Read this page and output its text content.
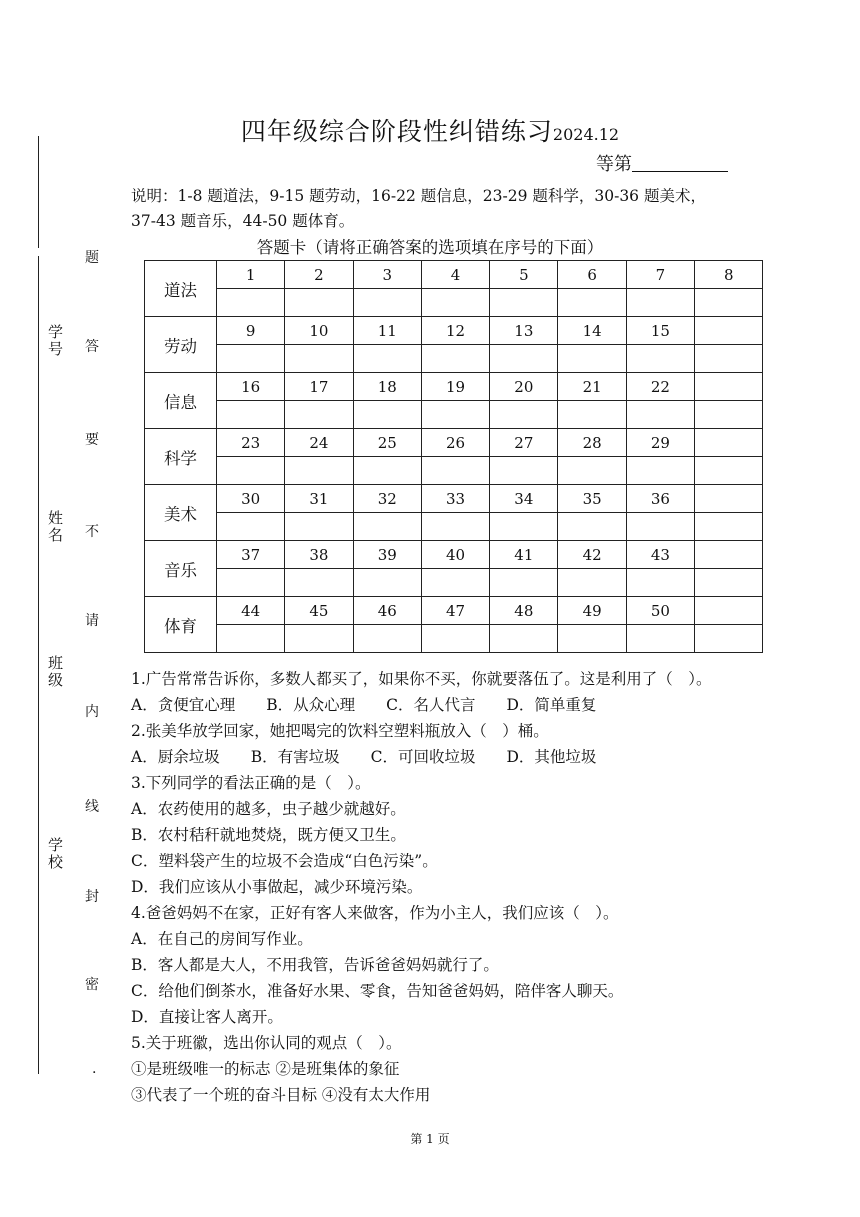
学号
姓名
班级
学校
题
答
要
不
请
内
线
封
密
.
四年级综合阶段性纠错练习2024.12
等第
说明：1-8 题道法，9-15 题劳动，16-22 题信息，23-29 题科学，30-36 题美术，
37-43 题音乐，44-50 题体育。
答题卡（请将正确答案的选项填在序号的下面）
道法	1	2	3	4	5	6	7	8

劳动	9	10	11	12	13	14	15	

信息	16	17	18	19	20	21	22	

科学	23	24	25	26	27	28	29	

美术	30	31	32	33	34	35	36	

音乐	37	38	39	40	41	42	43	

体育	44	45	46	47	48	49	50	

1.广告常常告诉你，多数人都买了，如果你不买，你就要落伍了。这是利用了（　）。
A．贪便宜心理　　B．从众心理　　C．名人代言　　D．简单重复
2.张美华放学回家，她把喝完的饮料空塑料瓶放入（　）桶。
A．厨余垃圾　　B．有害垃圾　　C．可回收垃圾　　D．其他垃圾
3.下列同学的看法正确的是（　）。
A．农药使用的越多，虫子越少就越好。
B．农村秸秆就地焚烧，既方便又卫生。
C．塑料袋产生的垃圾不会造成“白色污染”。
D．我们应该从小事做起，减少环境污染。
4.爸爸妈妈不在家，正好有客人来做客，作为小主人，我们应该（　）。
A．在自己的房间写作业。
B．客人都是大人，不用我管，告诉爸爸妈妈就行了。
C．给他们倒茶水，准备好水果、零食，告知爸爸妈妈，陪伴客人聊天。
D．直接让客人离开。
5.关于班徽，选出你认同的观点（　）。
①是班级唯一的标志 ②是班集体的象征
③代表了一个班的奋斗目标 ④没有太大作用
第 1 页
